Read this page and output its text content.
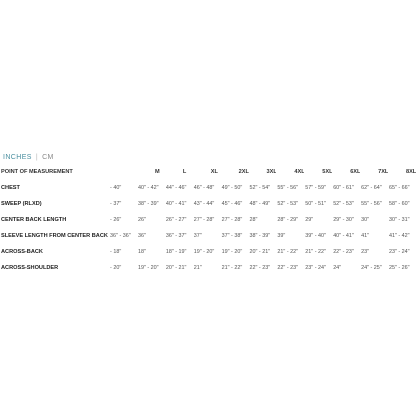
INCHES | CM
POINT OF MEASUREMENT		M	L	XL	2XL	3XL	4XL	5XL	6XL	7XL	8XL
CHEST	- 40"	40" - 42"	44" - 46"	46" - 48"	49" - 50"	52" - 54"	55" - 56"	57" - 59"	60" - 61"	62" - 64"	65" - 66"
SWEEP (RLXD)	- 37"	38" - 39"	40" - 41"	43" - 44"	45" - 46"	48" - 49"	52" - 53"	50" - 51"	52" - 53"	55" - 56"	58" - 60"
CENTER BACK LENGTH	- 26"	26"	26" - 27"	27" - 28"	27" - 28"	28"	28" - 29"	29"	29" - 30"	30"	30" - 31"
SLEEVE LENGTH FROM CENTER BACK	36" - 36"	36"	36" - 37"	37"	37" - 38"	38" - 39"	39"	39" - 40"	40" - 41"	41"	41" - 42"
ACROSS-BACK	- 18"	18"	18" - 19"	19" - 20"	19" - 20"	20" - 21"	21" - 22"	21" - 22"	22" - 23"	23"	23" - 24"
ACROSS-SHOULDER	- 20"	19" - 20"	20" - 21"	21"	21" - 22"	22" - 23"	22" - 23"	23" - 24"	24"	24" - 25"	25" - 26"
